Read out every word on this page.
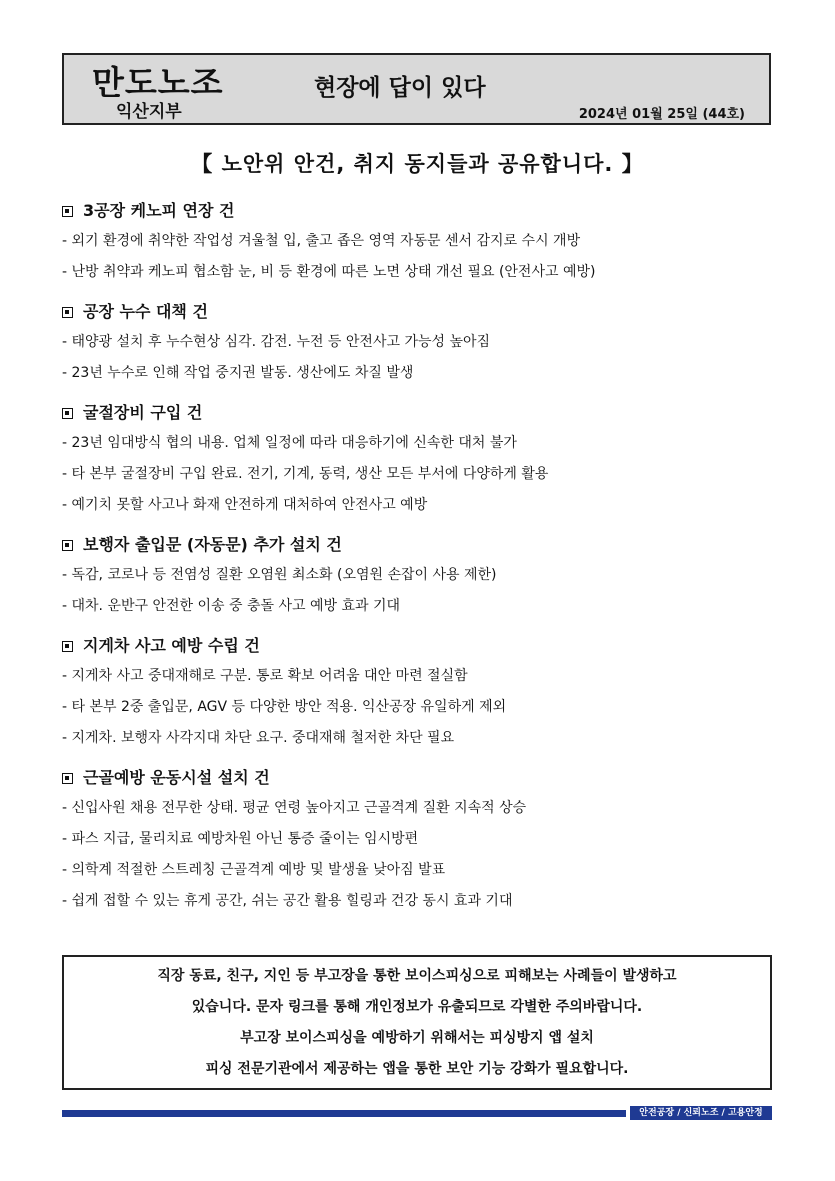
만도노조
익산지부
현장에 답이 있다
2024년 01월 25일 (44호)
【 노안위 안건, 취지 동지들과 공유합니다. 】
3공장 케노피 연장 건
- 외기 환경에 취약한 작업성 겨울철 입, 출고 좁은 영역 자동문 센서 감지로 수시 개방
- 난방 취약과 케노피 협소함 눈, 비 등 환경에 따른 노면 상태 개선 필요 (안전사고 예방)
공장 누수 대책 건
- 태양광 설치 후 누수현상 심각. 감전. 누전 등 안전사고 가능성 높아짐
- 23년 누수로 인해 작업 중지권 발동. 생산에도 차질 발생
굴절장비 구입 건
- 23년 임대방식 협의 내용. 업체 일정에 따라 대응하기에 신속한 대처 불가
- 타 본부 굴절장비 구입 완료. 전기, 기계, 동력, 생산 모든 부서에 다양하게 활용
- 예기치 못할 사고나 화재 안전하게 대처하여 안전사고 예방
보행자 출입문 (자동문) 추가 설치 건
- 독감, 코로나 등 전염성 질환 오염원 최소화 (오염원 손잡이 사용 제한)
- 대차. 운반구 안전한 이송 중 충돌 사고 예방 효과 기대
지게차 사고 예방 수립 건
- 지게차 사고 중대재해로 구분. 통로 확보 어려움 대안 마련 절실함
- 타 본부 2중 출입문, AGV 등 다양한 방안 적용. 익산공장 유일하게 제외
- 지게차. 보행자 사각지대 차단 요구. 중대재해 철저한 차단 필요
근골예방 운동시설 설치 건
- 신입사원 채용 전무한 상태. 평균 연령 높아지고 근골격계 질환 지속적 상승
- 파스 지급, 물리치료 예방차원 아닌 통증 줄이는 임시방편
- 의학계 적절한 스트레칭 근골격계 예방 및 발생율 낮아짐 발표
- 쉽게 접할 수 있는 휴게 공간, 쉬는 공간 활용 힐링과 건강 동시 효과 기대
직장 동료, 친구, 지인 등 부고장을 통한 보이스피싱으로 피해보는 사례들이 발생하고
있습니다. 문자 링크를 통해 개인정보가 유출되므로 각별한 주의바랍니다.
부고장 보이스피싱을 예방하기 위해서는 피싱방지 앱 설치
피싱 전문기관에서 제공하는 앱을 통한 보안 기능 강화가 필요합니다.
안전공장 / 신뢰노조 / 고용안정
